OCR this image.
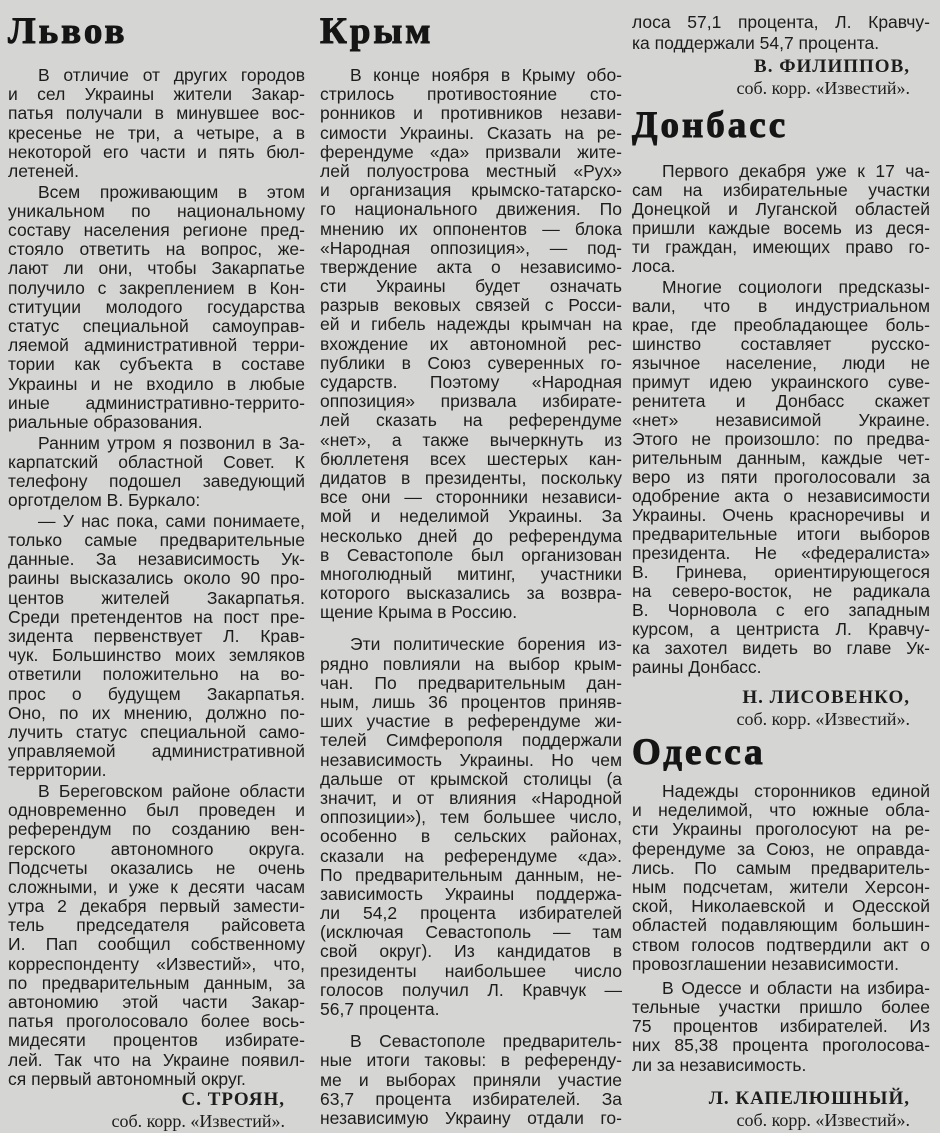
Львов
В отличие от других городов
и сел Украины жители Закар-
патья получали в минувшее вос-
кресенье не три, а четыре, а в
некоторой его части и пять бюл-
летеней.
Всем проживающим в этом
уникальном по национальному
составу населения регионе пред-
стояло ответить на вопрос, же-
лают ли они, чтобы Закарпатье
получило с закреплением в Кон-
ституции молодого государства
статус специальной самоуправ-
ляемой административной терри-
тории как субъекта в составе
Украины и не входило в любые
иные административно-террито-
риальные образования.
Ранним утром я позвонил в За-
карпатский областной Совет. К
телефону подошел заведующий
орготделом В. Буркало:
— У нас пока, сами понимаете,
только самые предварительные
данные. За независимость Ук-
раины высказались около 90 про-
центов жителей Закарпатья.
Среди претендентов на пост пре-
зидента первенствует Л. Крав-
чук. Большинство моих земляков
ответили положительно на во-
прос о будущем Закарпатья.
Оно, по их мнению, должно по-
лучить статус специальной само-
управляемой административной
территории.
В Береговском районе области
одновременно был проведен и
референдум по созданию вен-
герского автономного округа.
Подсчеты оказались не очень
сложными, и уже к десяти часам
утра 2 декабря первый замести-
тель председателя райсовета
И. Пап сообщил собственному
корреспонденту «Известий», что,
по предварительным данным, за
автономию этой части Закар-
патья проголосовало более вось-
мидесяти процентов избирате-
лей. Так что на Украине появил-
ся первый автономный округ.
С. ТРОЯН,
соб. корр. «Известий».
Крым
В конце ноября в Крыму обо-
стрилось противостояние сто-
ронников и противников незави-
симости Украины. Сказать на ре-
ферендуме «да» призвали жите-
лей полуострова местный «Рух»
и организация крымско-татарско-
го национального движения. По
мнению их оппонентов — блока
«Народная оппозиция», — под-
тверждение акта о независимо-
сти Украины будет означать
разрыв вековых связей с Росси-
ей и гибель надежды крымчан на
вхождение их автономной рес-
публики в Союз суверенных го-
сударств. Поэтому «Народная
оппозиция» призвала избирате-
лей сказать на референдуме
«нет», а также вычеркнуть из
бюллетеня всех шестерых кан-
дидатов в президенты, поскольку
все они — сторонники независи-
мой и неделимой Украины. За
несколько дней до референдума
в Севастополе был организован
многолюдный митинг, участники
которого высказались за возвра-
щение Крыма в Россию.
Эти политические борения из-
рядно повлияли на выбор крым-
чан. По предварительным дан-
ным, лишь 36 процентов приняв-
ших участие в референдуме жи-
телей Симферополя поддержали
независимость Украины. Но чем
дальше от крымской столицы (а
значит, и от влияния «Народной
оппозиции»), тем большее число,
особенно в сельских районах,
сказали на референдуме «да».
По предварительным данным, не-
зависимость Украины поддержа-
ли 54,2 процента избирателей
(исключая Севастополь — там
свой округ). Из кандидатов в
президенты наибольшее число
голосов получил Л. Кравчук —
56,7 процента.
В Севастополе предваритель-
ные итоги таковы: в референду-
ме и выборах приняли участие
63,7 процента избирателей. За
независимую Украину отдали го-
лоса 57,1 процента, Л. Кравчу-
ка поддержали 54,7 процента.
В. ФИЛИППОВ,
соб. корр. «Известий».
Донбасс
Первого декабря уже к 17 ча-
сам на избирательные участки
Донецкой и Луганской областей
пришли каждые восемь из деся-
ти граждан, имеющих право го-
лоса.
Многие социологи предсказы-
вали, что в индустриальном
крае, где преобладающее боль-
шинство составляет русско-
язычное население, люди не
примут идею украинского суве-
ренитета и Донбасс скажет
«нет» независимой Украине.
Этого не произошло: по предва-
рительным данным, каждые чет-
веро из пяти проголосовали за
одобрение акта о независимости
Украины. Очень красноречивы и
предварительные итоги выборов
президента. Не «федералиста»
В. Гринева, ориентирующегося
на северо-восток, не радикала
В. Чорновола с его западным
курсом, а центриста Л. Кравчу-
ка захотел видеть во главе Ук-
раины Донбасс.
Н. ЛИСОВЕНКО,
соб. корр. «Известий».
Одесса
Надежды сторонников единой
и неделимой, что южные обла-
сти Украины проголосуют на ре-
ферендуме за Союз, не оправда-
лись. По самым предваритель-
ным подсчетам, жители Херсон-
ской, Николаевской и Одесской
областей подавляющим большин-
ством голосов подтвердили акт о
провозглашении независимости.
В Одессе и области на избира-
тельные участки пришло более
75 процентов избирателей. Из
них 85,38 процента проголосова-
ли за независимость.
Л. КАПЕЛЮШНЫЙ,
соб. корр. «Известий».
